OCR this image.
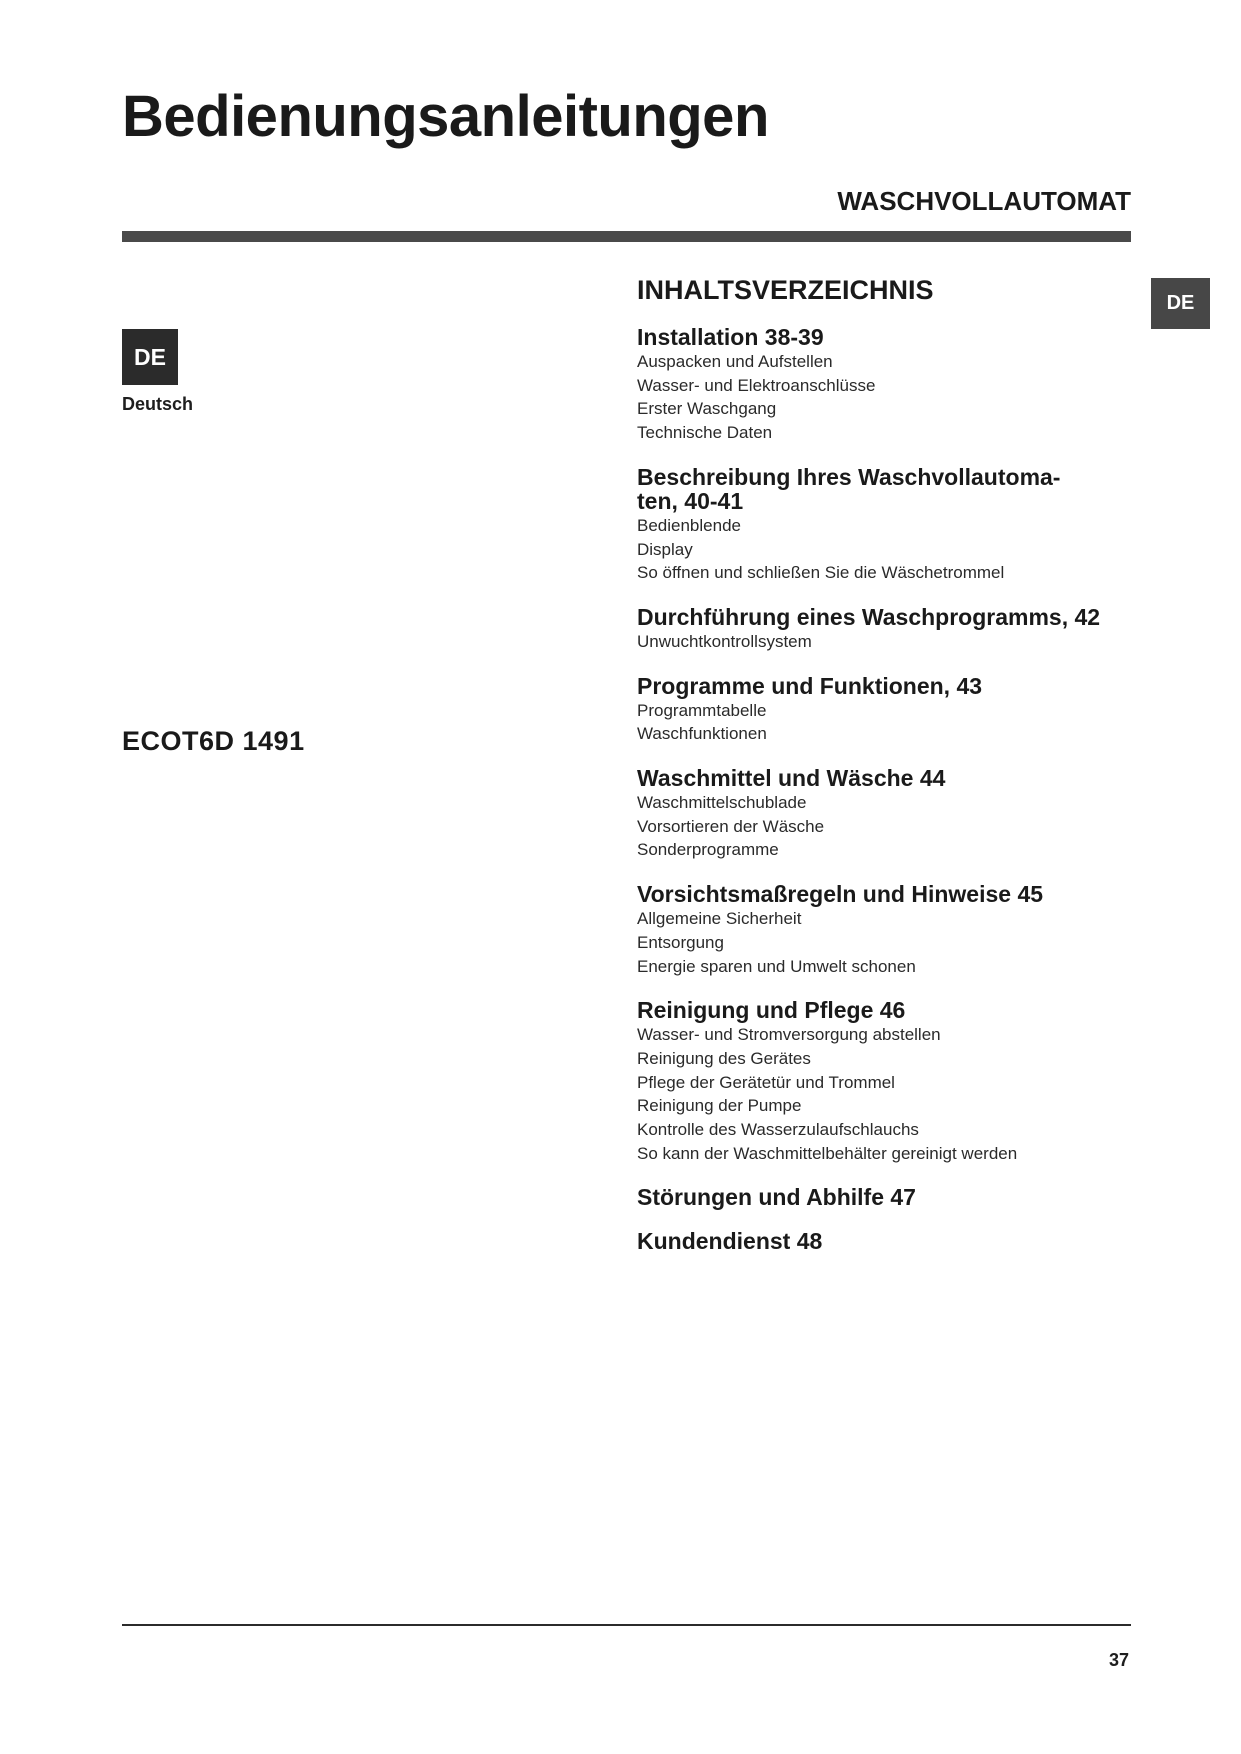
Bedienungsanleitungen
WASCHVOLLAUTOMAT
DE
Deutsch
ECOT6D 1491
DE
INHALTSVERZEICHNIS
Installation 38-39
Auspacken und Aufstellen
Wasser- und Elektroanschlüsse
Erster Waschgang
Technische Daten
Beschreibung Ihres Waschvollautoma-
ten, 40-41
Bedienblende
Display
So öffnen und schließen Sie die Wäschetrommel
Durchführung eines Waschprogramms, 42
Unwuchtkontrollsystem
Programme und Funktionen, 43
Programmtabelle
Waschfunktionen
Waschmittel und Wäsche 44
Waschmittelschublade
Vorsortieren der Wäsche
Sonderprogramme
Vorsichtsmaßregeln und Hinweise 45
Allgemeine Sicherheit
Entsorgung
Energie sparen und Umwelt schonen
Reinigung und Pflege 46
Wasser- und Stromversorgung abstellen
Reinigung des Gerätes
Pflege der Gerätetür und Trommel
Reinigung der Pumpe
Kontrolle des Wasserzulaufschlauchs
So kann der Waschmittelbehälter gereinigt werden
Störungen und Abhilfe 47
Kundendienst 48
37
